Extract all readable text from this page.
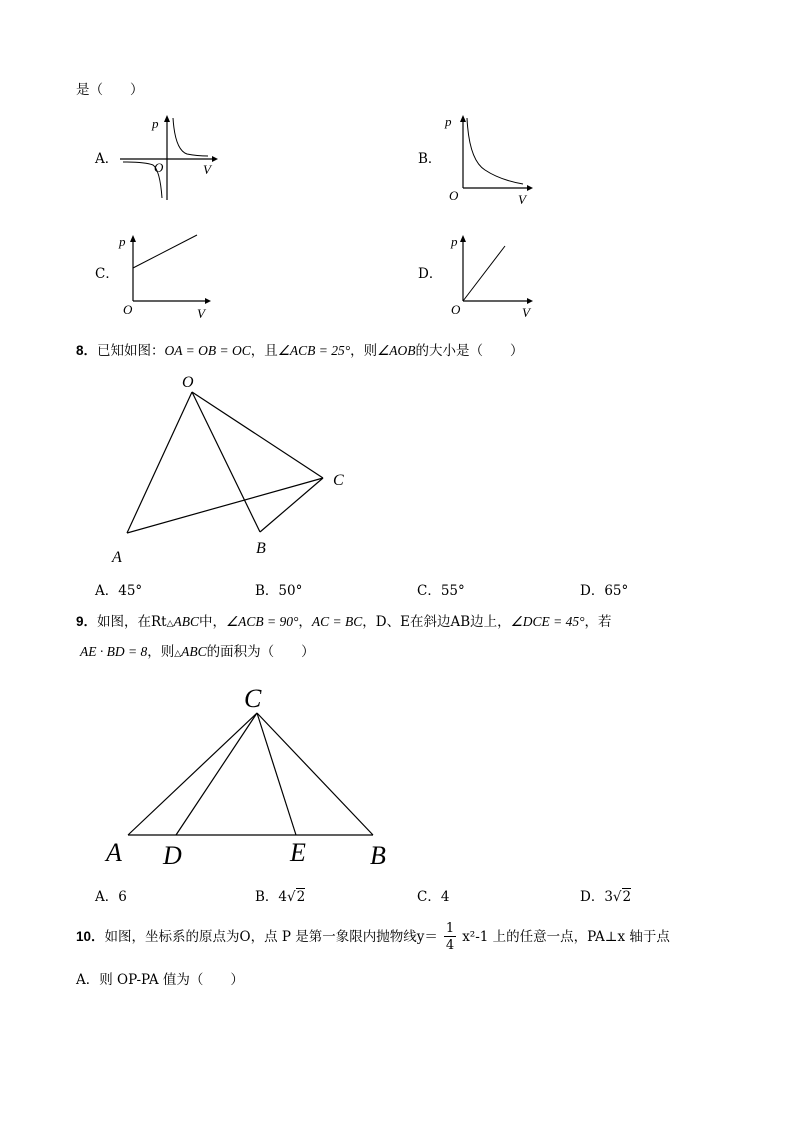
是（　　）
A．	B．
C．	D．
p
V
O
p
V
O
p
V
O
p
V
O
8．已知如图：OA = OB = OC，且∠ACB = 25°，则∠AOB的大小是（　　）
O
A
B
C
A．45°	B．50°	C．55°	D．65°
9．如图，在Rt△ABC中，∠ACB = 90°，AC = BC，D、E在斜边AB边上，∠DCE = 45°，若
AE · BD = 8，则△ABC的面积为（　　）
C
A D	E B
A．6	B．4√2	C．4	D．3√2
10．如图，坐标系的原点为O，点 P 是第一象限内抛物线$y= \frac{1}{4} x^2-1$ 上的任意一点，PA⊥x 轴于点
A．则 OP-PA 值为（　　）
